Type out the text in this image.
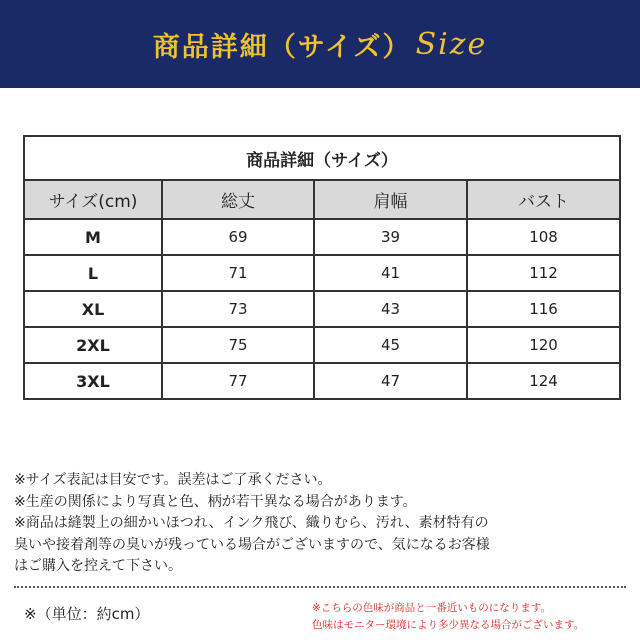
商品詳細（サイズ） Size
商品詳細（サイズ）			
サイズ(cm)	総丈	肩幅	バスト
M	69	39	108
L	71	41	112
XL	73	43	116
2XL	75	45	120
3XL	77	47	124
※サイズ表記は目安です。誤差はご了承ください。
※生産の関係により写真と色、柄が若干異なる場合があります。
※商品は縫製上の細かいほつれ、インク飛び、織りむら、汚れ、素材特有の
臭いや接着剤等の臭いが残っている場合がございますので、気になるお客様
はご購入を控えて下さい。
※（単位：約cm）	※こちらの色味が商品と一番近いものになります。
色味はモニター環境により多少異なる場合がございます。
